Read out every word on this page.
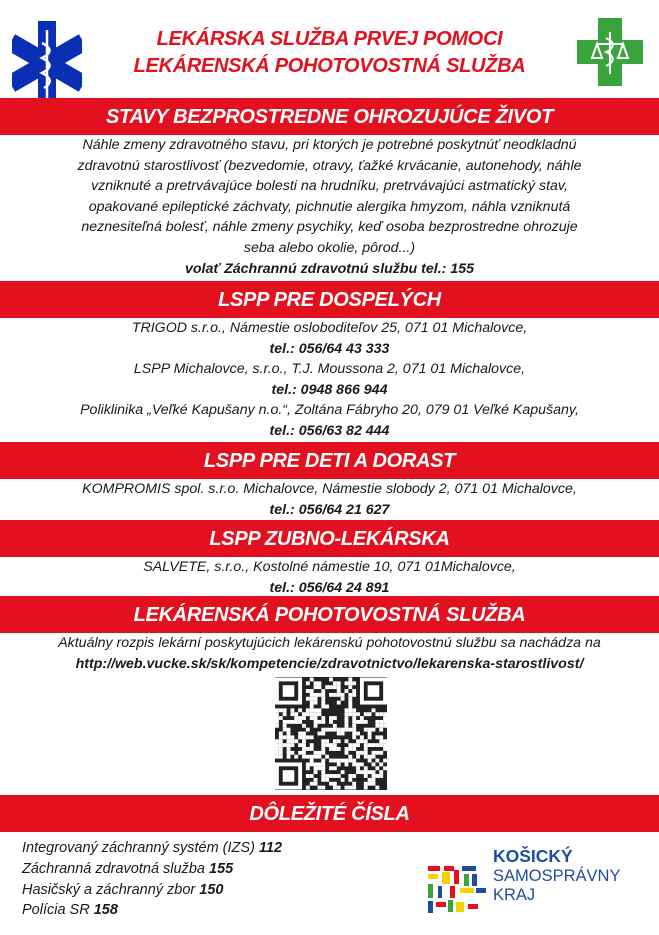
LEKÁRSKA SLUŽBA PRVEJ POMOCI
LEKÁRENSKÁ POHOTOVOSTNÁ SLUŽBA
STAVY BEZPROSTREDNE OHROZUJÚCE ŽIVOT
Náhle zmeny zdravotného stavu, pri ktorých je potrebné poskytnúť neodkladnú
zdravotnú starostlivosť (bezvedomie, otravy, ťažké krvácanie, autonehody, náhle
vzniknuté a pretrvávajúce bolesti na hrudníku, pretrvávajúci astmatický stav,
opakované epileptické záchvaty, pichnutie alergika hmyzom, náhla vzniknutá
neznesiteľná bolesť, náhle zmeny psychiky, keď osoba bezprostredne ohrozuje
seba alebo okolie, pôrod...)
volať Záchrannú zdravotnú službu tel.: 155
LSPP PRE DOSPELÝCH
TRIGOD s.r.o., Námestie osloboditeľov 25, 071 01 Michalovce,
tel.: 056/64 43 333
LSPP Michalovce, s.r.o., T.J. Moussona 2, 071 01 Michalovce,
tel.: 0948 866 944
Poliklinika „Veľké Kapušany n.o.“, Zoltána Fábryho 20, 079 01 Veľké Kapušany,
tel.: 056/63 82 444
LSPP PRE DETI A DORAST
KOMPROMIS spol. s.r.o. Michalovce, Námestie slobody 2, 071 01 Michalovce,
tel.: 056/64 21 627
LSPP ZUBNO-LEKÁRSKA
SALVETE, s.r.o., Kostolné námestie 10, 071 01Michalovce,
tel.: 056/64 24 891
LEKÁRENSKÁ POHOTOVOSTNÁ SLUŽBA
Aktuálny rozpis lekární poskytujúcich lekárenskú pohotovostnú službu sa nachádza na
http://web.vucke.sk/sk/kompetencie/zdravotnictvo/lekarenska-starostlivost/
DÔLEŽITÉ ČÍSLA
Integrovaný záchranný systém (IZS) 112
Záchranná zdravotná služba 155
Hasičský a záchranný zbor 150
Polícia SR 158
KOŠICKÝ
SAMOSPRÁVNY
KRAJ
